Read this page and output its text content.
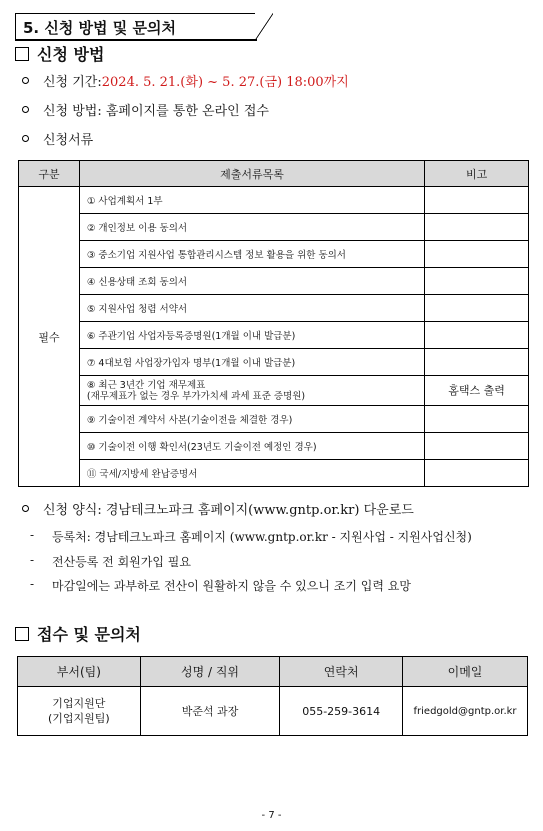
5. 신청 방법 및 문의처
신청 방법
신청 기간: 2024. 5. 21.(화) ~ 5. 27.(금) 18:00까지
신청 방법: 홈페이지를 통한 온라인 접수
신청서류
구분	제출서류목록	비고
필수	① 사업계획서 1부	
	② 개인정보 이용 동의서	
	③ 중소기업 지원사업 통합관리시스템 정보 활용을 위한 동의서	
	④ 신용상태 조회 동의서	
	⑤ 지원사업 청렴 서약서	
	⑥ 주관기업 사업자등록증명원(1개월 이내 발급분)	
	⑦ 4대보험 사업장가입자 명부(1개월 이내 발급분)	

	⑧ 최근 3년간 기업 재무제표
(재무제표가 없는 경우 부가가치세 과세 표준 증명원)	홈택스 출력
	⑨ 기술이전 계약서 사본(기술이전을 체결한 경우)	
	⑩ 기술이전 이행 확인서(23년도 기술이전 예정인 경우)	
	⑪ 국세/지방세 완납증명서	
신청 양식: 경남테크노파크 홈페이지(www.gntp.or.kr) 다운로드
-	등록처: 경남테크노파크 홈페이지 (www.gntp.or.kr - 지원사업 - 지원사업신청)
-	전산등록 전 회원가입 필요
-	마감일에는 과부하로 전산이 원활하지 않을 수 있으니 조기 입력 요망
접수 및 문의처
부서(팀)	성명 / 직위	연락처	이메일

기업지원단
(기업지원팀)	박준석 과장	055-259-3614	friedgold@gntp.or.kr
- 7 -
